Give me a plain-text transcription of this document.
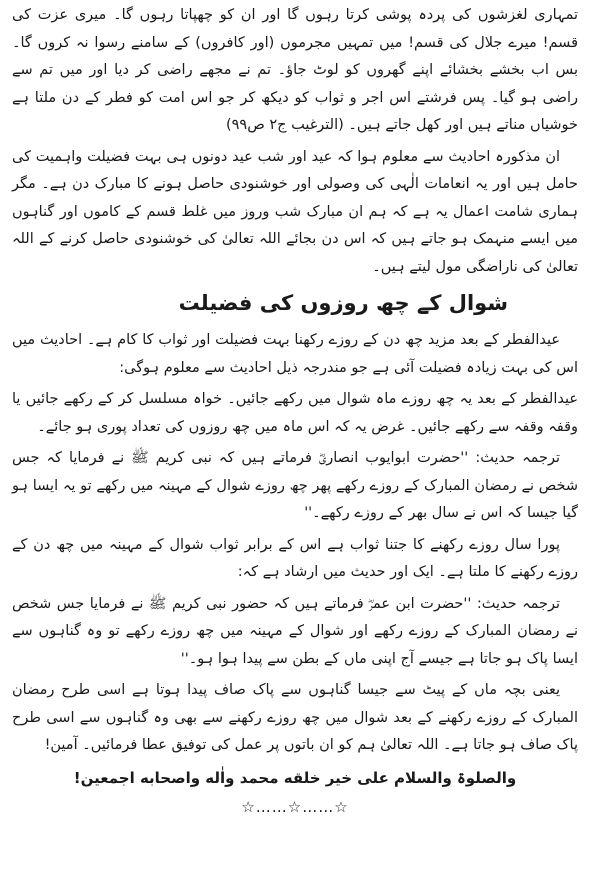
تمہاری لغزشوں کی پردہ پوشی کرتا رہوں گا اور ان کو چھپاتا رہوں گا۔ میری عزت کی قسم! میرے جلال کی قسم! میں تمہیں مجرموں (اور کافروں) کے سامنے رسوا نہ کروں گا۔ بس اب بخشے بخشائے اپنے گھروں کو لوٹ جاؤ۔ تم نے مجھے راضی کر دیا اور میں تم سے راضی ہو گیا۔ پس فرشتے اس اجر و ثواب کو دیکھ کر جو اس امت کو فطر کے دن ملتا ہے خوشیاں مناتے ہیں اور کھل جاتے ہیں۔ (الترغیب ج۲ ص۹۹)

ان مذکورہ احادیث سے معلوم ہوا کہ عید اور شب عید دونوں ہی بہت فضیلت واہمیت کی حامل ہیں اور یہ انعامات الٰہی کی وصولی اور خوشنودی حاصل ہونے کا مبارک دن ہے۔ مگر ہماری شامت اعمال یہ ہے کہ ہم ان مبارک شب وروز میں غلط قسم کے کاموں اور گناہوں میں ایسے منہمک ہو جاتے ہیں کہ اس دن بجائے اللہ تعالیٰ کی خوشنودی حاصل کرنے کے اللہ تعالیٰ کی ناراضگی مول لیتے ہیں۔

شوال کے چھ روزوں کی فضیلت

عیدالفطر کے بعد مزید چھ دن کے روزے رکھنا بہت فضیلت اور ثواب کا کام ہے۔ احادیث میں اس کی بہت زیادہ فضیلت آئی ہے جو مندرجہ ذیل احادیث سے معلوم ہوگی:

عیدالفطر کے بعد یہ چھ روزے ماہ شوال میں رکھے جائیں۔ خواہ مسلسل کر کے رکھے جائیں یا وقفہ وقفہ سے رکھے جائیں۔ غرض یہ کہ اس ماہ میں چھ روزوں کی تعداد پوری ہو جائے۔

ترجمہ حدیث: ''حضرت ابوایوب انصاریؓ فرماتے ہیں کہ نبی کریم ﷺ نے فرمایا کہ جس شخص نے رمضان المبارک کے روزے رکھے پھر چھ روزے شوال کے مہینہ میں رکھے تو یہ ایسا ہو گیا جیسا کہ اس نے سال بھر کے روزے رکھے۔''

پورا سال روزے رکھنے کا جتنا ثواب ہے اس کے برابر ثواب شوال کے مہینہ میں چھ دن کے روزے رکھنے کا ملتا ہے۔ ایک اور حدیث میں ارشاد ہے کہ:

ترجمہ حدیث: ''حضرت ابن عمرؓ فرماتے ہیں کہ حضور نبی کریم ﷺ نے فرمایا جس شخص نے رمضان المبارک کے روزے رکھے اور شوال کے مہینہ میں چھ روزے رکھے تو وہ گناہوں سے ایسا پاک ہو جاتا ہے جیسے آج اپنی ماں کے بطن سے پیدا ہوا ہو۔''

یعنی بچہ ماں کے پیٹ سے جیسا گناہوں سے پاک صاف پیدا ہوتا ہے اسی طرح رمضان المبارک کے روزے رکھنے کے بعد شوال میں چھ روزے رکھنے سے بھی وہ گناہوں سے اسی طرح پاک صاف ہو جاتا ہے۔ اللہ تعالیٰ ہم کو ان باتوں پر عمل کی توفیق عطا فرمائیں۔ آمین!

والصلوۃ والسلام علی خیر خلقه محمد واٰله واصحابه اجمعین!

☆……☆……☆
